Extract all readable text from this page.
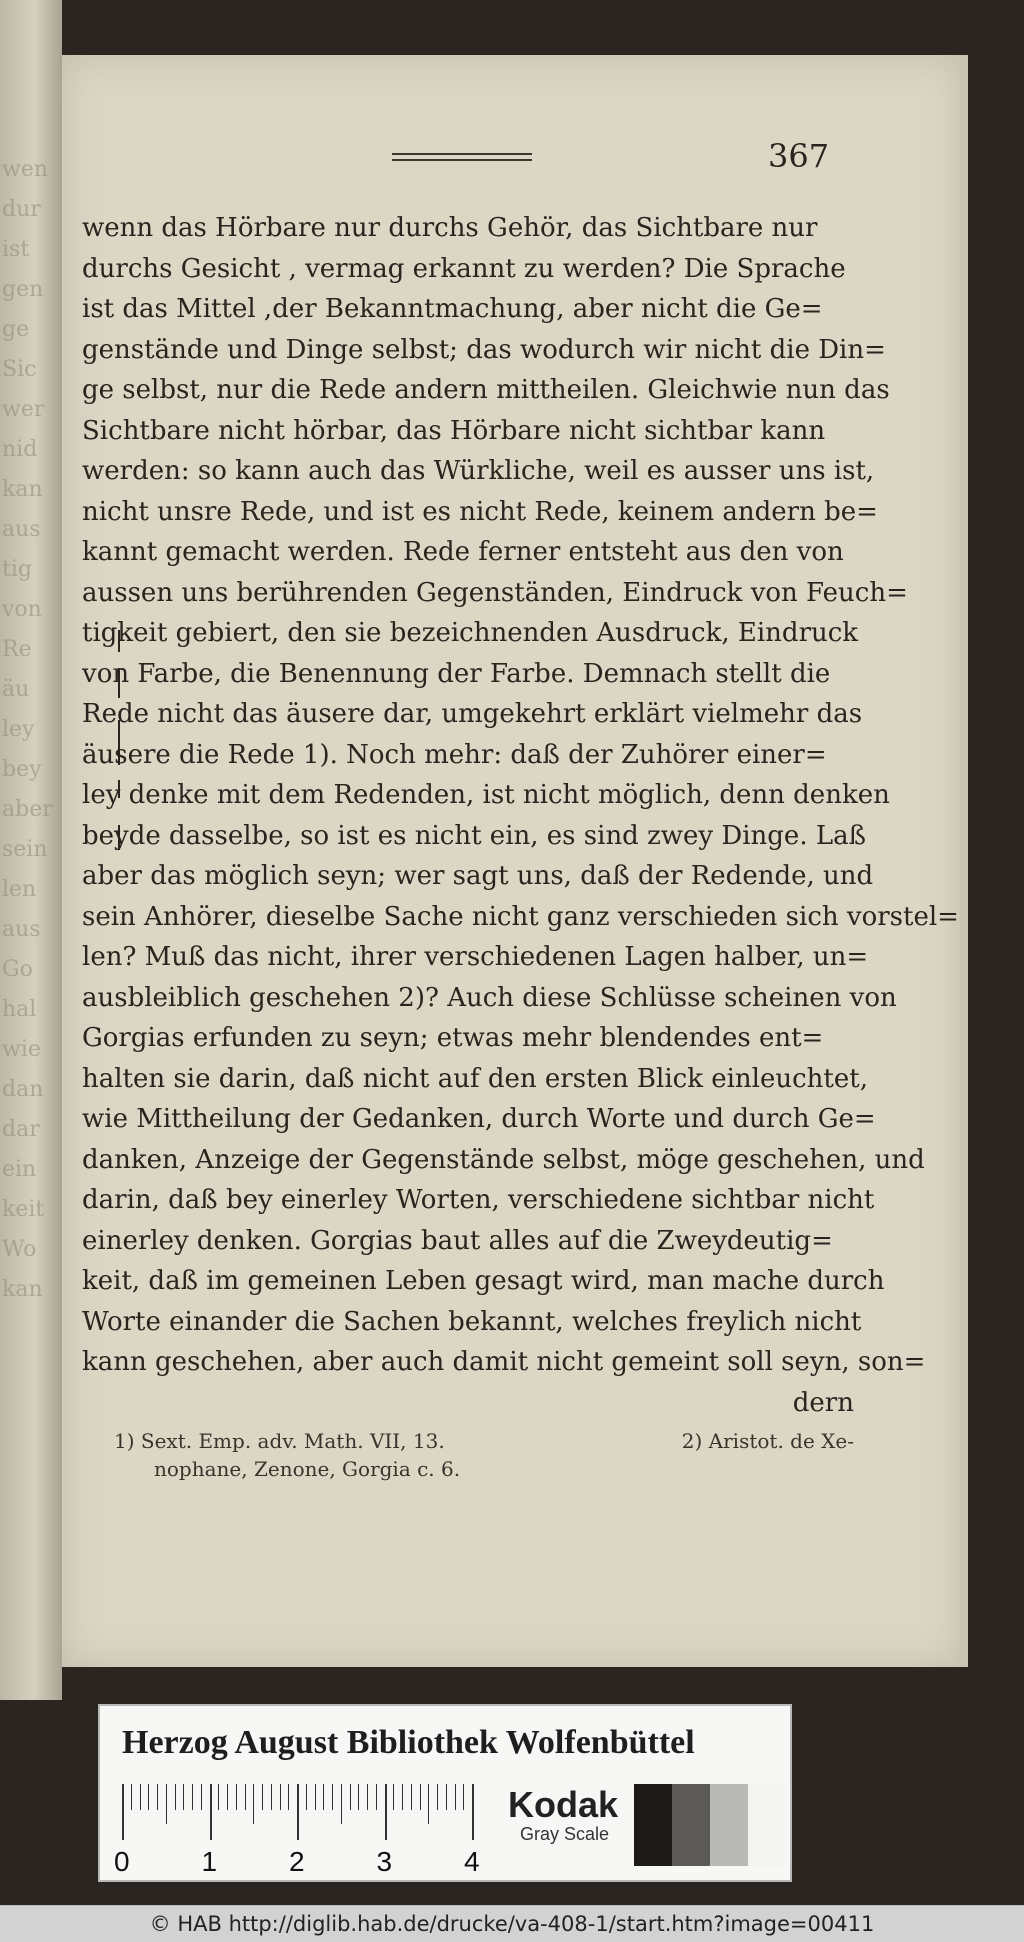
wen
dur
ist
gen
ge
Sic
wer
nid
kan
aus
tig
von
Re
äu
ley
bey
aber
sein
len
aus
Go
hal
wie
dan
dar
ein
keit
Wo
kan
367
wenn das Hörbare nur durchs Gehör, das Sichtbare nur
durchs Gesicht , vermag erkannt zu werden? Die Sprache
ist das Mittel ,der Bekanntmachung, aber nicht die Ge=
genstände und Dinge selbst; das wodurch wir nicht die Din=
ge selbst, nur die Rede andern mittheilen. Gleichwie nun das
Sichtbare nicht hörbar, das Hörbare nicht sichtbar kann
werden: so kann auch das Würkliche, weil es ausser uns ist,
nicht unsre Rede, und ist es nicht Rede, keinem andern be=
kannt gemacht werden. Rede ferner entsteht aus den von
aussen uns berührenden Gegenständen, Eindruck von Feuch=
tigkeit gebiert, den sie bezeichnenden Ausdruck, Eindruck
von Farbe, die Benennung der Farbe. Demnach stellt die
Rede nicht das äusere dar, umgekehrt erklärt vielmehr das
äusere die Rede 1). Noch mehr: daß der Zuhörer einer=
ley denke mit dem Redenden, ist nicht möglich, denn denken
beyde dasselbe, so ist es nicht ein, es sind zwey Dinge. Laß
aber das möglich seyn; wer sagt uns, daß der Redende, und
sein Anhörer, dieselbe Sache nicht ganz verschieden sich vorstel=
len? Muß das nicht, ihrer verschiedenen Lagen halber, un=
ausbleiblich geschehen 2)? Auch diese Schlüsse scheinen von
Gorgias erfunden zu seyn; etwas mehr blendendes ent=
halten sie darin, daß nicht auf den ersten Blick einleuchtet,
wie Mittheilung der Gedanken, durch Worte und durch Ge=
danken, Anzeige der Gegenstände selbst, möge geschehen, und
darin, daß bey einerley Worten, verschiedene sichtbar nicht
einerley denken. Gorgias baut alles auf die Zweydeutig=
keit, daß im gemeinen Leben gesagt wird, man mache durch
Worte einander die Sachen bekannt, welches freylich nicht
kann geschehen, aber auch damit nicht gemeint soll seyn, son=
dern
1) Sext. Emp. adv. Math. VII, 13.	2) Aristot. de Xe-
nophane, Zenone, Gorgia c. 6.
Herzog August Bibliothek Wolfenbüttel
0	1	2	3	4
Kodak
Gray Scale
© HAB http://diglib.hab.de/drucke/va-408-1/start.htm?image=00411
